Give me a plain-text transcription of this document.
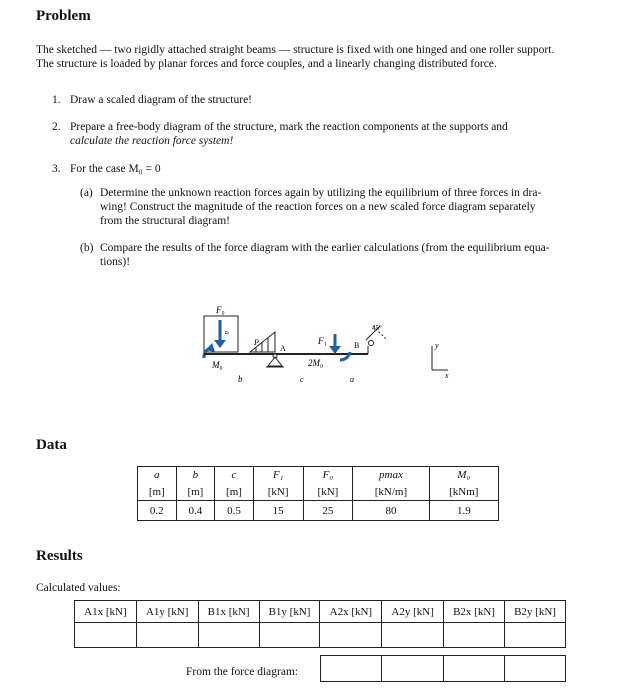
Problem
The sketched — two rigidly attached straight beams — structure is fixed with one hinged and one roller support.
The structure is loaded by planar forces and force couples, and a linearly changing distributed force.
1. Draw a scaled diagram of the structure!
2. Prepare a free-body diagram of the structure, mark the reaction components at the supports and
calculate the reaction force system!
3. For the case M₀ = 0
(a) Determine the unknown reaction forces again by utilizing the equilibrium of three forces in dra-
wing! Construct the magnitude of the reaction forces on a new scaled force diagram separately
from the structural diagram!
(b) Compare the results of the force diagram with the earlier calculations (from the equilibrium equa-
tions)!
F₀
a
M₀
P
A
b
F₁
2M₀
B
45°
c	a
y
x
Data
a	b	c	F₁	F₀	pmax	M₀
[m]	[m]	[m]	[kN]	[kN]	[kN/m]	[kNm]
0.2	0.4	0.5	15	25	80	1.9
Results
Calculated values:
A1x [kN]	A1y [kN]	B1x [kN]	B1y [kN]	A2x [kN]	A2y [kN]	B2x [kN]	B2y [kN]

From the force diagram:
